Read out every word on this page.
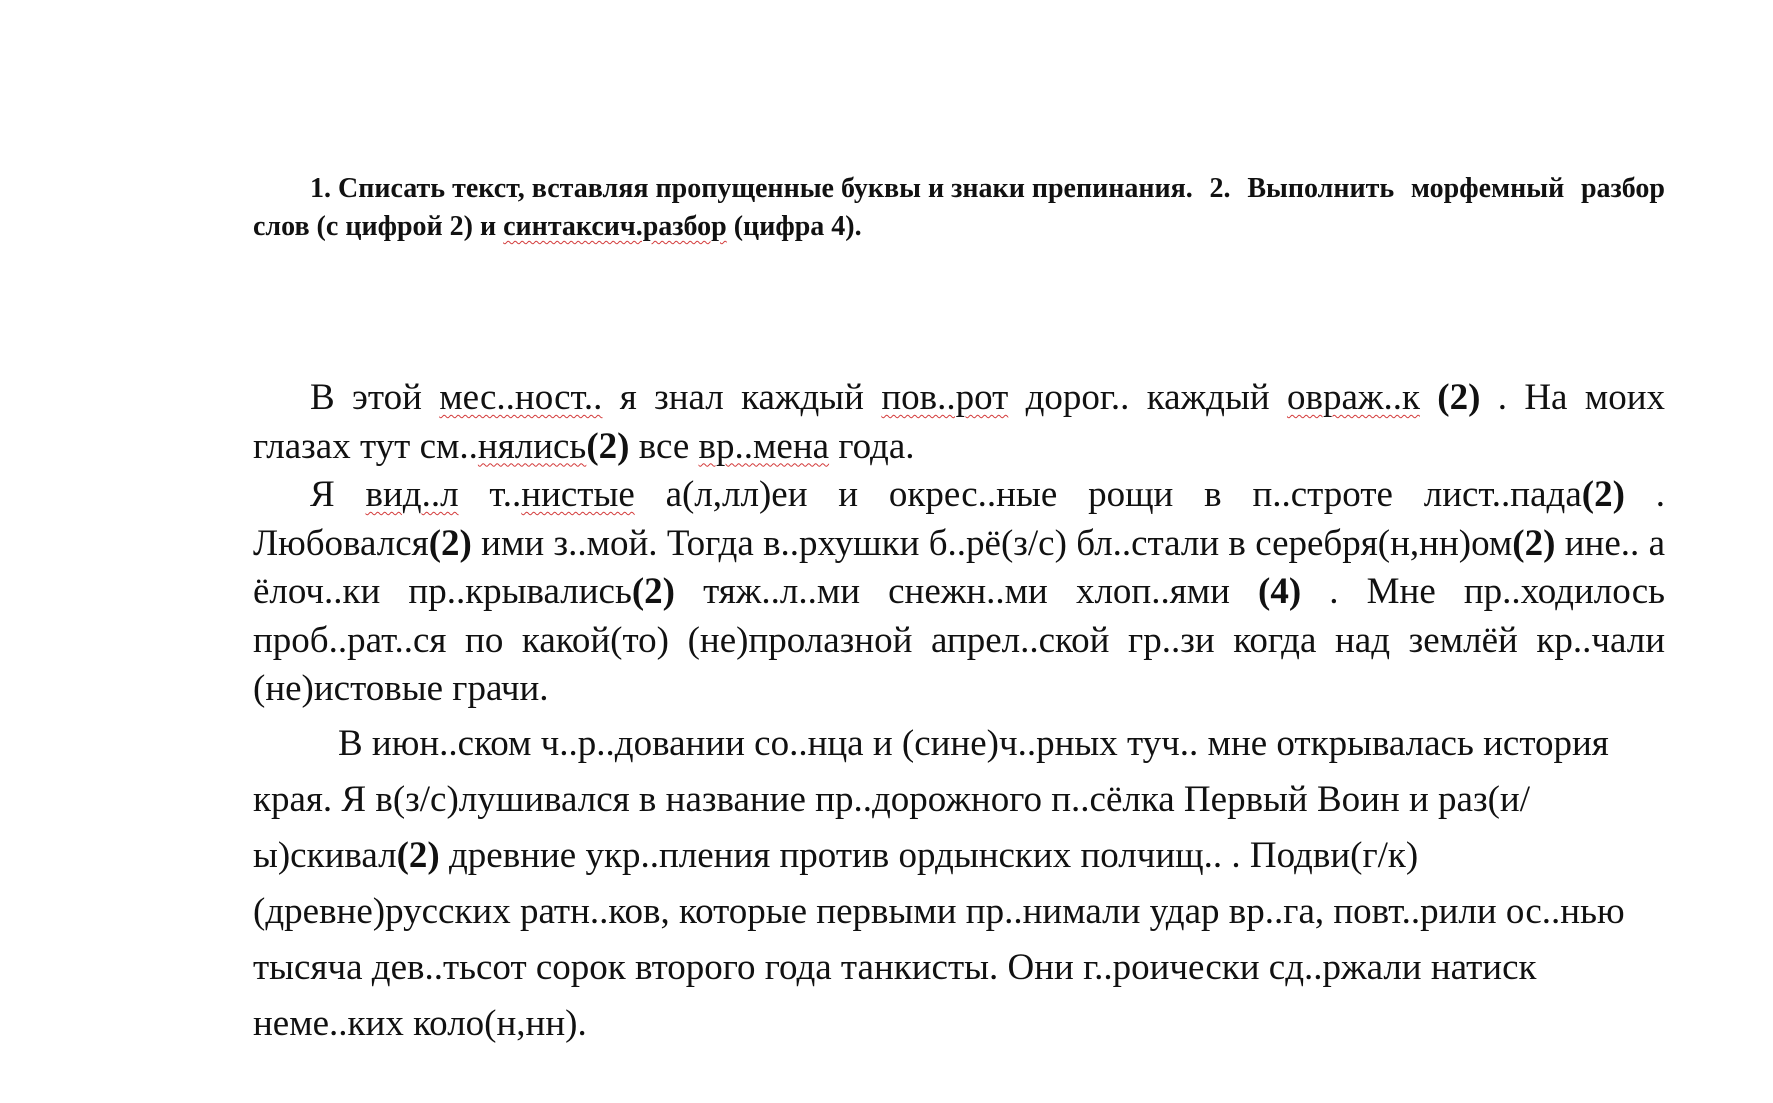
1. Списать текст, вставляя пропущенные буквы и знаки препинания. 2. Выполнить морфемный разбор слов (с цифрой 2) и синтаксич.разбор (цифра 4).

В этой мес..ност.. я знал каждый пов..рот дорог.. каждый овраж..к (2) . На моих глазах тут см..нялись(2) все вр..мена года.

Я вид..л т..нистые а(л,лл)еи и окрес..ные рощи в п..строте лист..пада(2) . Любовался(2) ими з..мой. Тогда в..рхушки б..рё(з/с) бл..стали в серебря(н,нн)ом(2) ине.. а ёлоч..ки пр..крывались(2) тяж..л..ми снежн..ми хлоп..ями (4) . Мне пр..ходилось проб..рат..ся по какой(то) (не)пролазной апрел..ской гр..зи когда над землёй кр..чали (не)истовые грачи.

В июн..ском ч..р..довании со..нца и (сине)ч..рных туч.. мне открывалась история края. Я в(з/с)лушивался в название пр..дорожного п..сёлка Первый Воин и раз(и/ы)скивал(2) древние укр..пления против ордынских полчищ.. . Подви(г/к) (древне)русских ратн..ков, которые первыми пр..нимали удар вр..га, повт..рили ос..нью тысяча дев..тьсот сорок второго года танкисты. Они г..роически сд..ржали натиск неме..ких коло(н,нн).
